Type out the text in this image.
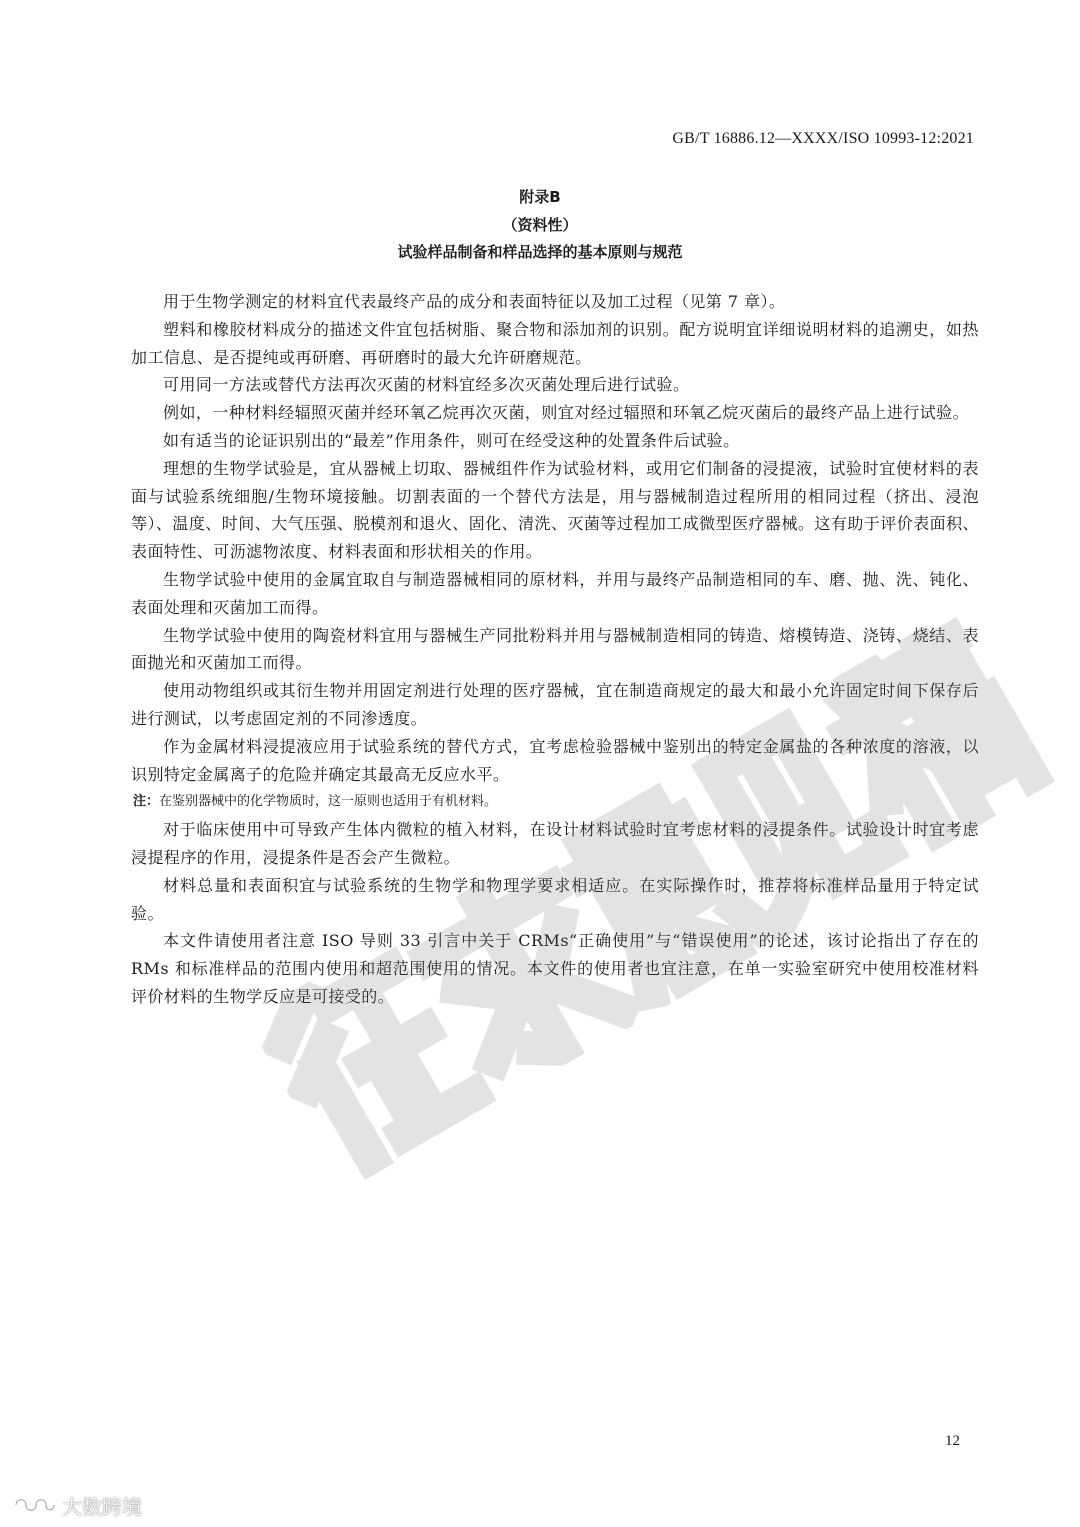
GB/T 16886.12—XXXX/ISO 10993-12:2021
附录B
（资料性）
试验样品制备和样品选择的基本原则与规范

用于生物学测定的材料宜代表最终产品的成分和表面特征以及加工过程（见第 7 章）。

塑料和橡胶材料成分的描述文件宜包括树脂、聚合物和添加剂的识别。配方说明宜详细说明材料的追溯史，如热加工信息、是否提纯或再研磨、再研磨时的最大允许研磨规范。

可用同一方法或替代方法再次灭菌的材料宜经多次灭菌处理后进行试验。

例如，一种材料经辐照灭菌并经环氧乙烷再次灭菌，则宜对经过辐照和环氧乙烷灭菌后的最终产品上进行试验。

如有适当的论证识别出的“最差”作用条件，则可在经受这种的处置条件后试验。

理想的生物学试验是，宜从器械上切取、器械组件作为试验材料，或用它们制备的浸提液，试验时宜使材料的表面与试验系统细胞/生物环境接触。切割表面的一个替代方法是，用与器械制造过程所用的相同过程（挤出、浸泡等）、温度、时间、大气压强、脱模剂和退火、固化、清洗、灭菌等过程加工成微型医疗器械。这有助于评价表面积、表面特性、可沥滤物浓度、材料表面和形状相关的作用。

生物学试验中使用的金属宜取自与制造器械相同的原材料，并用与最终产品制造相同的车、磨、抛、洗、钝化、表面处理和灭菌加工而得。

生物学试验中使用的陶瓷材料宜用与器械生产同批粉料并用与器械制造相同的铸造、熔模铸造、浇铸、烧结、表面抛光和灭菌加工而得。

使用动物组织或其衍生物并用固定剂进行处理的医疗器械，宜在制造商规定的最大和最小允许固定时间下保存后进行测试，以考虑固定剂的不同渗透度。

作为金属材料浸提液应用于试验系统的替代方式，宜考虑检验器械中鉴别出的特定金属盐的各种浓度的溶液，以识别特定金属离子的危险并确定其最高无反应水平。

注：在鉴别器械中的化学物质时，这一原则也适用于有机材料。

对于临床使用中可导致产生体内微粒的植入材料，在设计材料试验时宜考虑材料的浸提条件。试验设计时宜考虑浸提程序的作用，浸提条件是否会产生微粒。

材料总量和表面积宜与试验系统的生物学和物理学要求相适应。在实际操作时，推荐将标准样品量用于特定试验。

本文件请使用者注意 ISO 导则 33 引言中关于 CRMs“正确使用”与“错误使用”的论述，该讨论指出了存在的 RMs 和标准样品的范围内使用和超范围使用的情况。本文件的使用者也宜注意，在单一实验室研究中使用校准材料评价材料的生物学反应是可接受的。

12
大数跨境
